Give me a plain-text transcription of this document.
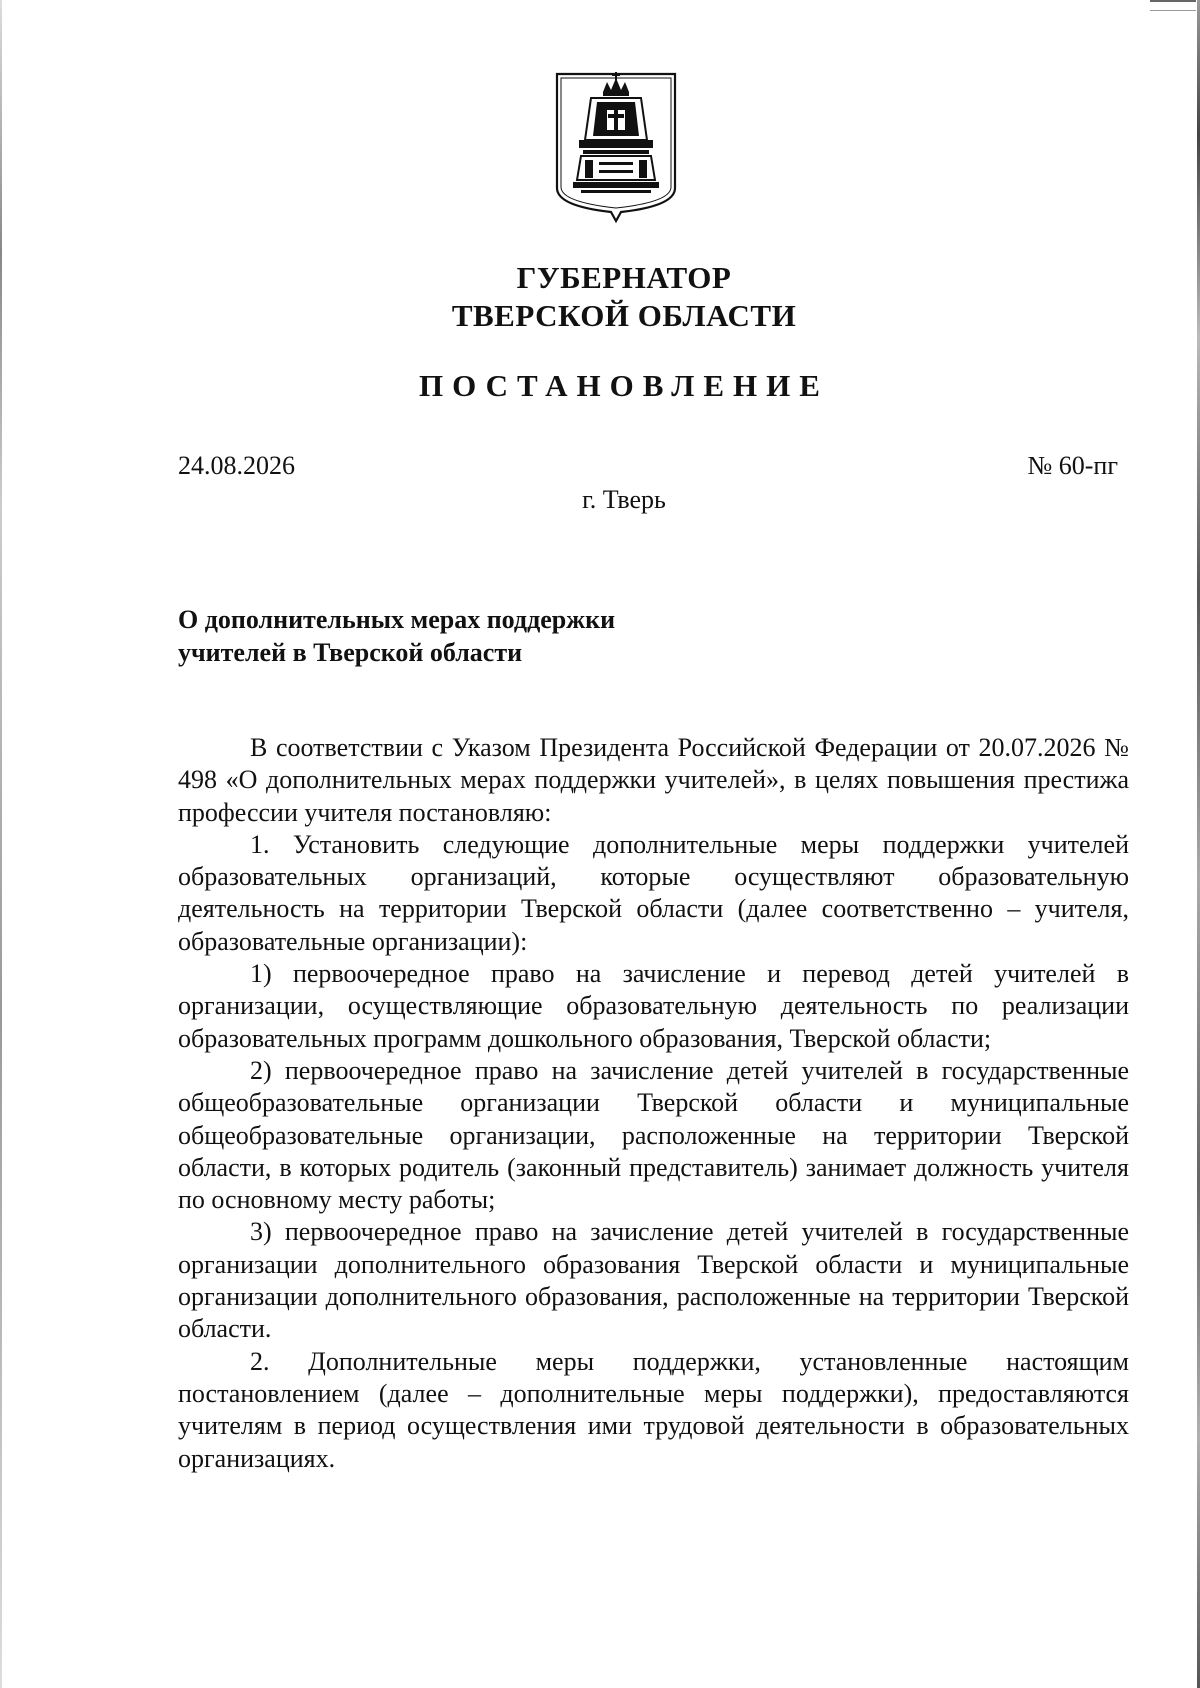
ГУБЕРНАТОР
ТВЕРСКОЙ ОБЛАСТИ
ПОСТАНОВЛЕНИЕ
24.08.2026	№ 60-пг
г. Тверь
О дополнительных мерах поддержки
учителей в Тверской области

В соответствии с Указом Президента Российской Федерации от 20.07.2026 № 498 «О дополнительных мерах поддержки учителей», в целях повышения престижа профессии учителя постановляю:

1. Установить следующие дополнительные меры поддержки учителей образовательных организаций, которые осуществляют образовательную деятельность на территории Тверской области (далее соответственно – учителя, образовательные организации):

1) первоочередное право на зачисление и перевод детей учителей в организации, осуществляющие образовательную деятельность по реализации образовательных программ дошкольного образования, Тверской области;

2) первоочередное право на зачисление детей учителей в государственные общеобразовательные организации Тверской области и муниципальные общеобразовательные организации, расположенные на территории Тверской области, в которых родитель (законный представитель) занимает должность учителя по основному месту работы;

3) первоочередное право на зачисление детей учителей в государственные организации дополнительного образования Тверской области и муниципальные организации дополнительного образования, расположенные на территории Тверской области.

2. Дополнительные меры поддержки, установленные настоящим постановлением (далее – дополнительные меры поддержки), предоставляются учителям в период осуществления ими трудовой деятельности в образовательных организациях.
